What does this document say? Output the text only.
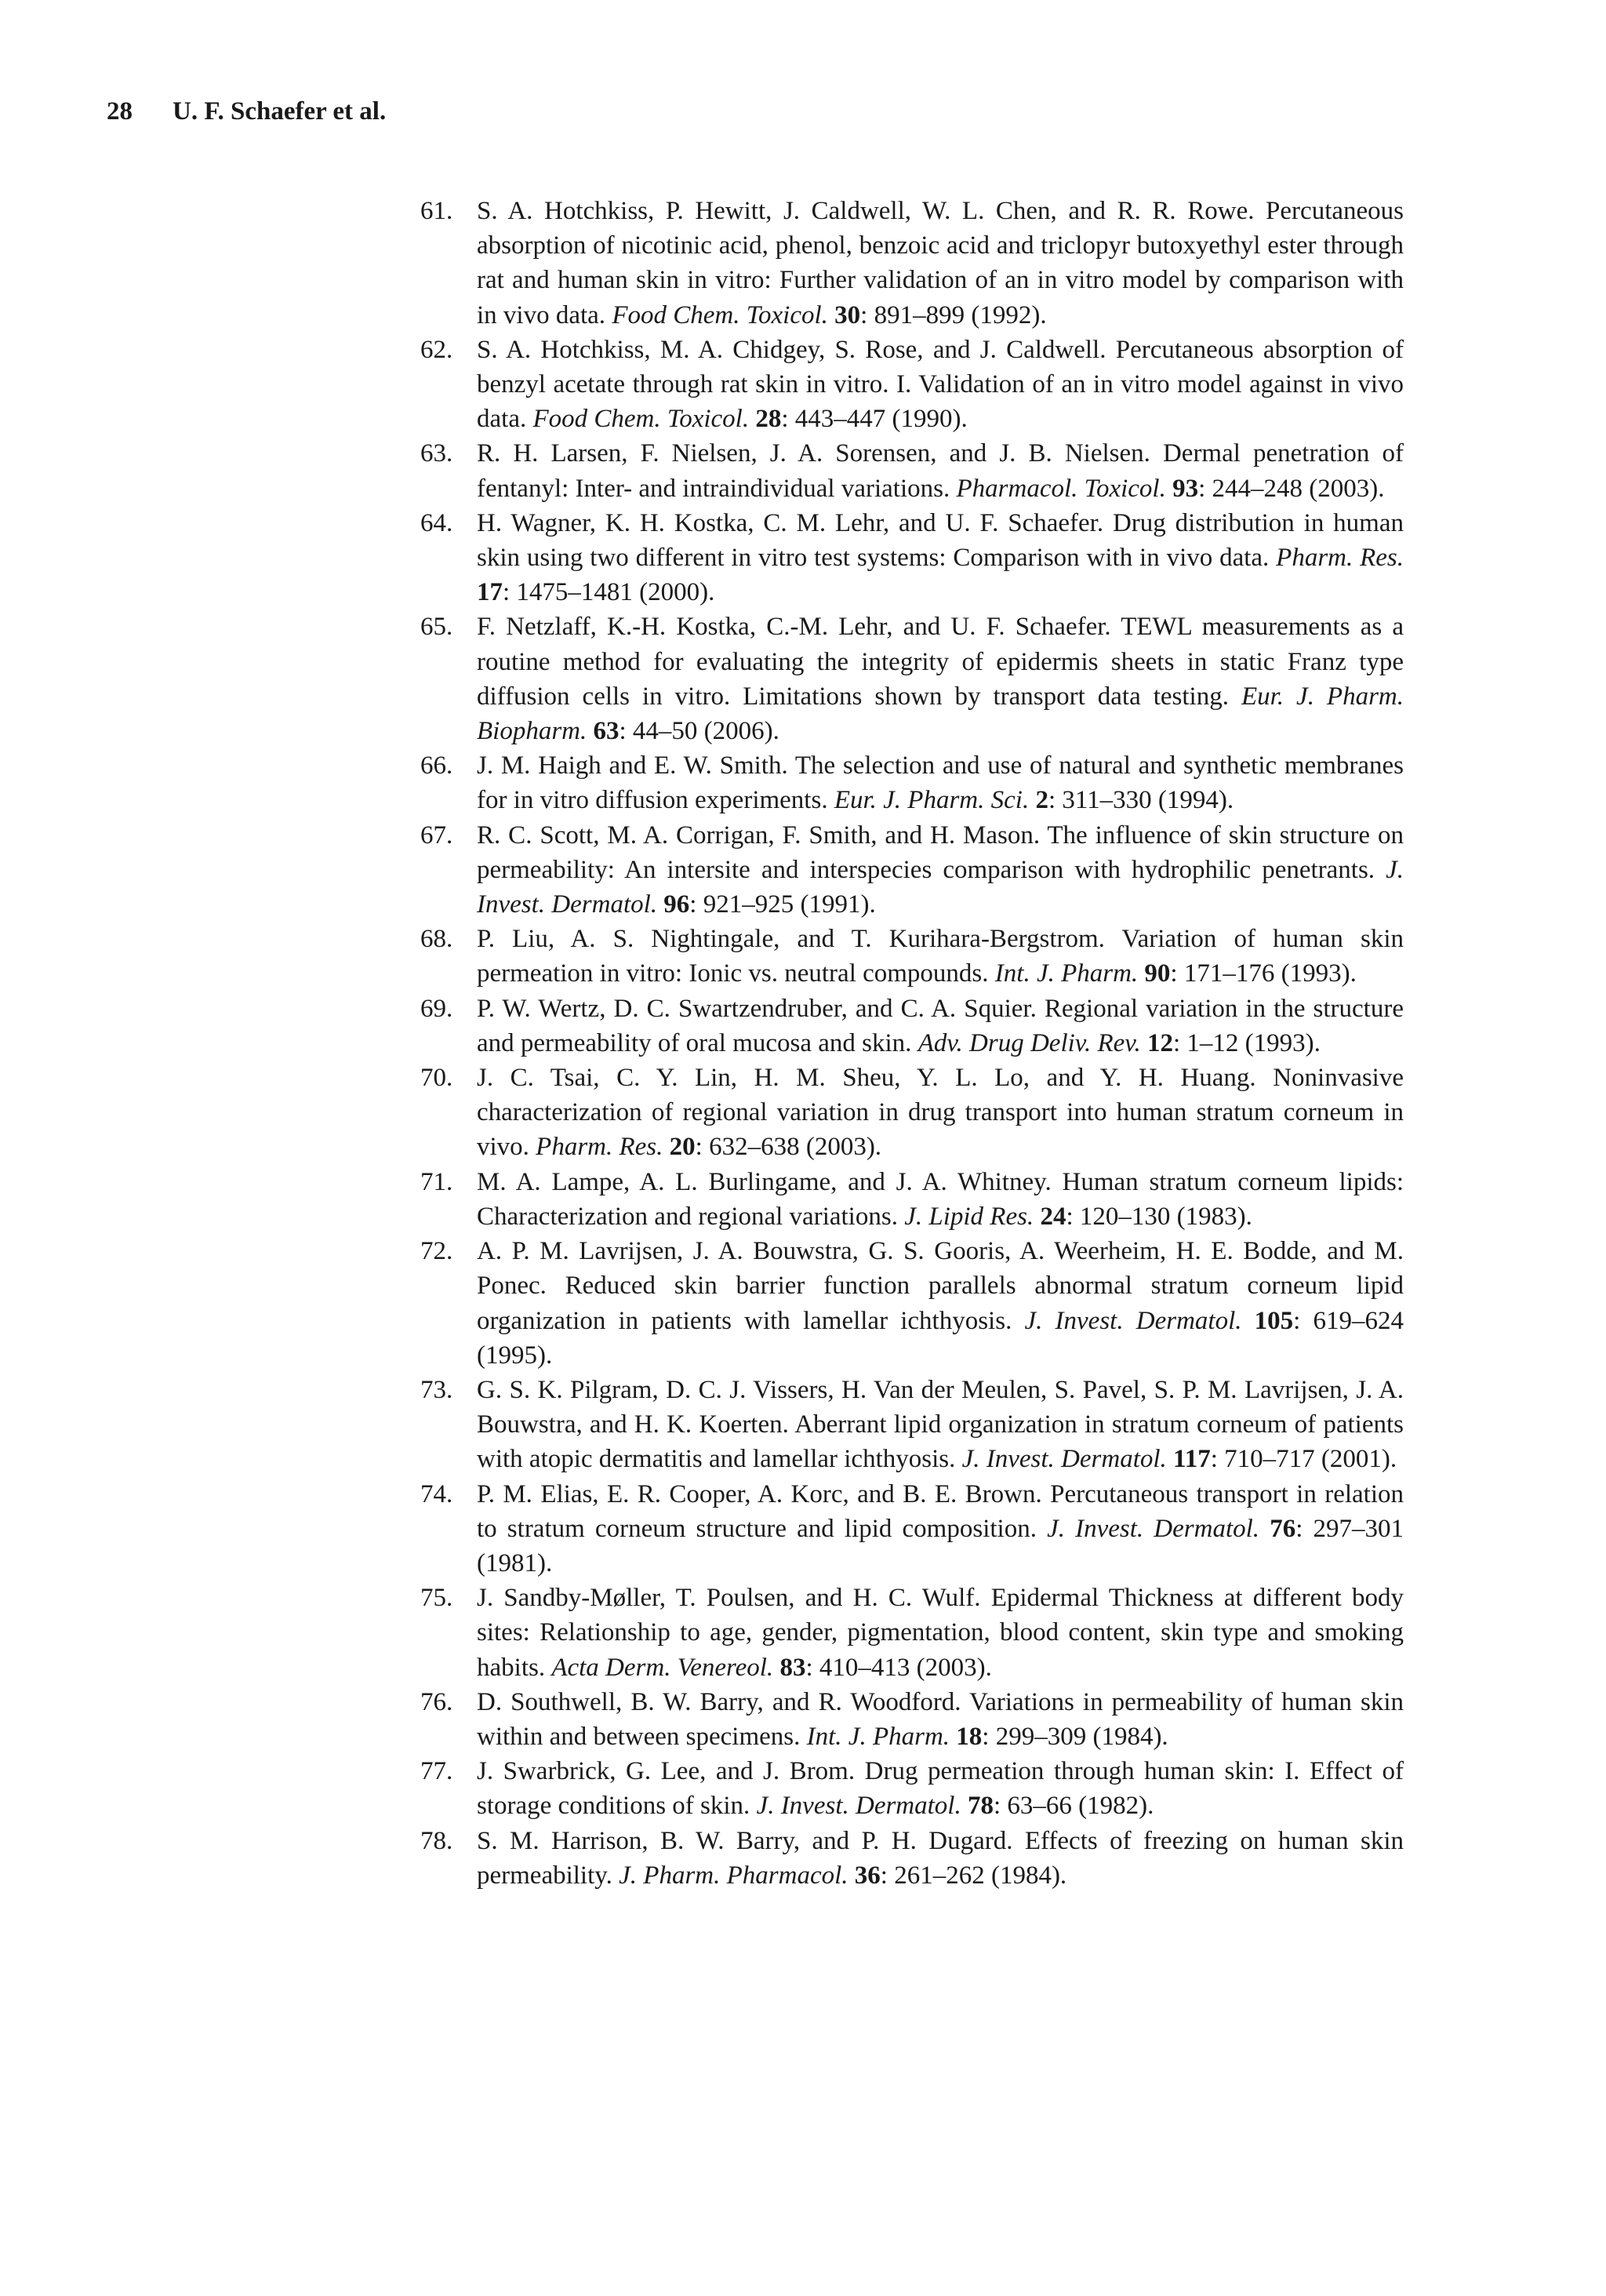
28 U. F. Schaefer et al.
61. S. A. Hotchkiss, P. Hewitt, J. Caldwell, W. L. Chen, and R. R. Rowe. Percutaneous absorption of nicotinic acid, phenol, benzoic acid and triclopyr butoxyethyl ester through rat and human skin in vitro: Further validation of an in vitro model by comparison with in vivo data. Food Chem. Toxicol. 30: 891–899 (1992).
62. S. A. Hotchkiss, M. A. Chidgey, S. Rose, and J. Caldwell. Percutaneous absorption of benzyl acetate through rat skin in vitro. I. Validation of an in vitro model against in vivo data. Food Chem. Toxicol. 28: 443–447 (1990).
63. R. H. Larsen, F. Nielsen, J. A. Sorensen, and J. B. Nielsen. Dermal penetration of fentanyl: Inter- and intraindividual variations. Pharmacol. Toxicol. 93: 244–248 (2003).
64. H. Wagner, K. H. Kostka, C. M. Lehr, and U. F. Schaefer. Drug distribution in human skin using two different in vitro test systems: Comparison with in vivo data. Pharm. Res. 17: 1475–1481 (2000).
65. F. Netzlaff, K.-H. Kostka, C.-M. Lehr, and U. F. Schaefer. TEWL measurements as a routine method for evaluating the integrity of epidermis sheets in static Franz type diffusion cells in vitro. Limitations shown by transport data testing. Eur. J. Pharm. Biopharm. 63: 44–50 (2006).
66. J. M. Haigh and E. W. Smith. The selection and use of natural and synthetic membranes for in vitro diffusion experiments. Eur. J. Pharm. Sci. 2: 311–330 (1994).
67. R. C. Scott, M. A. Corrigan, F. Smith, and H. Mason. The influence of skin structure on permeability: An intersite and interspecies comparison with hydrophilic penetrants. J. Invest. Dermatol. 96: 921–925 (1991).
68. P. Liu, A. S. Nightingale, and T. Kurihara-Bergstrom. Variation of human skin permeation in vitro: Ionic vs. neutral compounds. Int. J. Pharm. 90: 171–176 (1993).
69. P. W. Wertz, D. C. Swartzendruber, and C. A. Squier. Regional variation in the structure and permeability of oral mucosa and skin. Adv. Drug Deliv. Rev. 12: 1–12 (1993).
70. J. C. Tsai, C. Y. Lin, H. M. Sheu, Y. L. Lo, and Y. H. Huang. Noninvasive characterization of regional variation in drug transport into human stratum corneum in vivo. Pharm. Res. 20: 632–638 (2003).
71. M. A. Lampe, A. L. Burlingame, and J. A. Whitney. Human stratum corneum lipids: Characterization and regional variations. J. Lipid Res. 24: 120–130 (1983).
72. A. P. M. Lavrijsen, J. A. Bouwstra, G. S. Gooris, A. Weerheim, H. E. Bodde, and M. Ponec. Reduced skin barrier function parallels abnormal stratum corneum lipid organization in patients with lamellar ichthyosis. J. Invest. Dermatol. 105: 619–624 (1995).
73. G. S. K. Pilgram, D. C. J. Vissers, H. Van der Meulen, S. Pavel, S. P. M. Lavrijsen, J. A. Bouwstra, and H. K. Koerten. Aberrant lipid organization in stratum corneum of patients with atopic dermatitis and lamellar ichthyosis. J. Invest. Dermatol. 117: 710–717 (2001).
74. P. M. Elias, E. R. Cooper, A. Korc, and B. E. Brown. Percutaneous transport in relation to stratum corneum structure and lipid composition. J. Invest. Dermatol. 76: 297–301 (1981).
75. J. Sandby-Møller, T. Poulsen, and H. C. Wulf. Epidermal Thickness at different body sites: Relationship to age, gender, pigmentation, blood content, skin type and smoking habits. Acta Derm. Venereol. 83: 410–413 (2003).
76. D. Southwell, B. W. Barry, and R. Woodford. Variations in permeability of human skin within and between specimens. Int. J. Pharm. 18: 299–309 (1984).
77. J. Swarbrick, G. Lee, and J. Brom. Drug permeation through human skin: I. Effect of storage conditions of skin. J. Invest. Dermatol. 78: 63–66 (1982).
78. S. M. Harrison, B. W. Barry, and P. H. Dugard. Effects of freezing on human skin permeability. J. Pharm. Pharmacol. 36: 261–262 (1984).
